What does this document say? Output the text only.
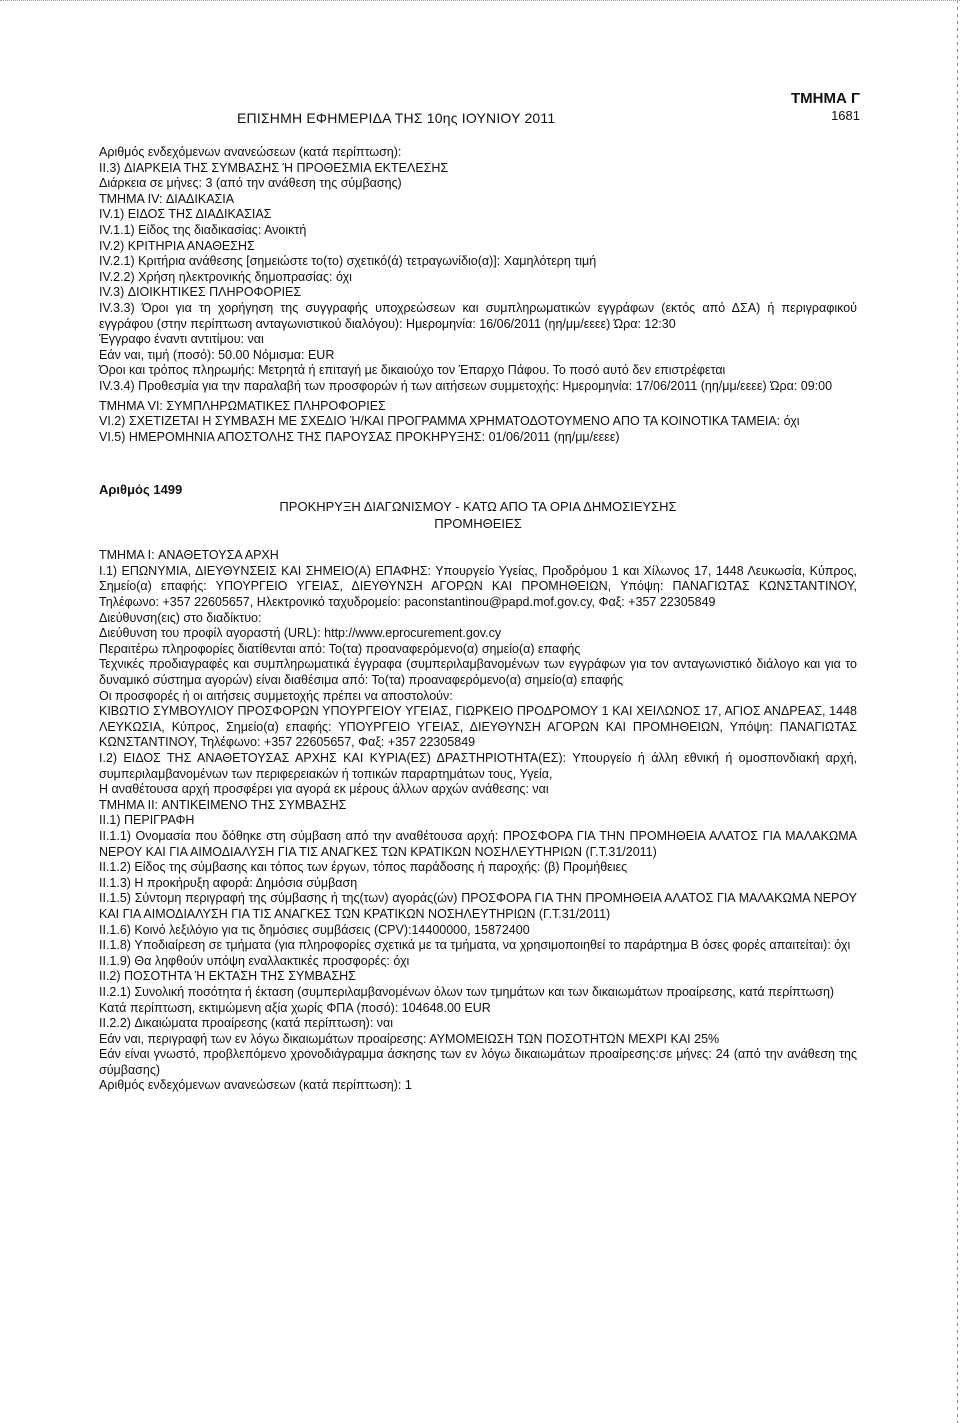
ΕΠΙΣΗΜΗ ΕΦΗΜΕΡΙΔΑ ΤΗΣ 10ης ΙΟΥΝΙΟΥ 2011
ΤΜΗΜΑ Γ
1681

Αριθμός ενδεχόμενων ανανεώσεων (κατά περίπτωση):

II.3) ΔΙΑΡΚΕΙΑ ΤΗΣ ΣΥΜΒΑΣΗΣ Ή ΠΡΟΘΕΣΜΙΑ ΕΚΤΕΛΕΣΗΣ

Διάρκεια σε μήνες: 3 (από την ανάθεση της σύμβασης)

ΤΜΗΜΑ IV: ΔΙΑΔΙΚΑΣΙΑ

IV.1) ΕΙΔΟΣ ΤΗΣ ΔΙΑΔΙΚΑΣΙΑΣ

IV.1.1) Είδος της διαδικασίας: Ανοικτή

IV.2) ΚΡΙΤΗΡΙΑ ΑΝΑΘΕΣΗΣ

IV.2.1) Κριτήρια ανάθεσης [σημειώστε το(το) σχετικό(ά) τετραγωνίδιο(α)]: Χαμηλότερη τιμή

IV.2.2) Χρήση ηλεκτρονικής δημοπρασίας: όχι

IV.3) ΔΙΟΙΚΗΤΙΚΕΣ ΠΛΗΡΟΦΟΡΙΕΣ

IV.3.3) Όροι για τη χορήγηση της συγγραφής υποχρεώσεων και συμπληρωματικών εγγράφων (εκτός από ΔΣΑ) ή περιγραφικού εγγράφου (στην περίπτωση ανταγωνιστικού διαλόγου): Ημερομηνία: 16/06/2011 (ηη/μμ/εεεε) Ώρα: 12:30

Έγγραφο έναντι αντιτίμου: ναι

Εάν ναι, τιμή (ποσό): 50.00 Νόμισμα: EUR

Όροι και τρόπος πληρωμής: Μετρητά ή επιταγή με δικαιούχο τον Έπαρχο Πάφου. Το ποσό αυτό δεν επιστρέφεται

IV.3.4) Προθεσμία για την παραλαβή των προσφορών ή των αιτήσεων συμμετοχής: Ημερομηνία: 17/06/2011 (ηη/μμ/εεεε) Ώρα: 09:00

ΤΜΗΜΑ VI: ΣΥΜΠΛΗΡΩΜΑΤΙΚΕΣ ΠΛΗΡΟΦΟΡΙΕΣ

VI.2) ΣΧΕΤΙΖΕΤΑΙ Η ΣΥΜΒΑΣΗ ΜΕ ΣΧΕΔΙΟ Ή/ΚΑΙ ΠΡΟΓΡΑΜΜΑ ΧΡΗΜΑΤΟΔΟΤΟΥΜΕΝΟ ΑΠΟ ΤΑ ΚΟΙΝΟΤΙΚΑ ΤΑΜΕΙΑ: όχι

VI.5) ΗΜΕΡΟΜΗΝΙΑ ΑΠΟΣΤΟΛΗΣ ΤΗΣ ΠΑΡΟΥΣΑΣ ΠΡΟΚΗΡΥΞΗΣ: 01/06/2011 (ηη/μμ/εεεε)

Αριθμός 1499
ΠΡΟΚΗΡΥΞΗ ΔΙΑΓΩΝΙΣΜΟΥ - ΚΑΤΩ ΑΠΟ ΤΑ ΟΡΙΑ ΔΗΜΟΣΙΕΥΣΗΣ
ΠΡΟΜΗΘΕΙΕΣ

ΤΜΗΜΑ I: ΑΝΑΘΕΤΟΥΣΑ ΑΡΧΗ

I.1) ΕΠΩΝΥΜΙΑ, ΔΙΕΥΘΥΝΣΕΙΣ ΚΑΙ ΣΗΜΕΙΟ(Α) ΕΠΑΦΗΣ: Υπουργείο Υγείας, Προδρόμου 1 και Χίλωνος 17, 1448 Λευκωσία, Κύπρος, Σημείο(α) επαφής: ΥΠΟΥΡΓΕΙΟ ΥΓΕΙΑΣ, ΔΙΕΥΘΥΝΣΗ ΑΓΟΡΩΝ ΚΑΙ ΠΡΟΜΗΘΕΙΩΝ, Υπόψη: ΠΑΝΑΓΙΩΤΑΣ ΚΩΝΣΤΑΝΤΙΝΟΥ, Τηλέφωνο: +357 22605657, Ηλεκτρονικό ταχυδρομείο: paconstantinou@papd.mof.gov.cy, Φαξ: +357 22305849

Διεύθυνση(εις) στο διαδίκτυο:

Διεύθυνση του προφίλ αγοραστή (URL): http://www.eprocurement.gov.cy

Περαιτέρω πληροφορίες διατίθενται από: Το(τα) προαναφερόμενο(α) σημείο(α) επαφής

Τεχνικές προδιαγραφές και συμπληρωματικά έγγραφα (συμπεριλαμβανομένων των εγγράφων για τον ανταγωνιστικό διάλογο και για το δυναμικό σύστημα αγορών) είναι διαθέσιμα από: Το(τα) προαναφερόμενο(α) σημείο(α) επαφής

Οι προσφορές ή οι αιτήσεις συμμετοχής πρέπει να αποστολούν:

ΚΙΒΩΤΙΟ ΣΥΜΒΟΥΛΙΟΥ ΠΡΟΣΦΟΡΩΝ ΥΠΟΥΡΓΕΙΟΥ ΥΓΕΙΑΣ, ΓΙΩΡΚΕΙΟ ΠΡΟΔΡΟΜΟΥ 1 ΚΑΙ ΧΕΙΛΩΝΟΣ 17, ΑΓΙΟΣ ΑΝΔΡΕΑΣ, 1448 ΛΕΥΚΩΣΙΑ, Κύπρος, Σημείο(α) επαφής: ΥΠΟΥΡΓΕΙΟ ΥΓΕΙΑΣ, ΔΙΕΥΘΥΝΣΗ ΑΓΟΡΩΝ ΚΑΙ ΠΡΟΜΗΘΕΙΩΝ, Υπόψη: ΠΑΝΑΓΙΩΤΑΣ ΚΩΝΣΤΑΝΤΙΝΟΥ, Τηλέφωνο: +357 22605657, Φαξ: +357 22305849

I.2) ΕΙΔΟΣ ΤΗΣ ΑΝΑΘΕΤΟΥΣΑΣ ΑΡΧΗΣ ΚΑΙ ΚΥΡΙΑ(ΕΣ) ΔΡΑΣΤΗΡΙΟΤΗΤΑ(ΕΣ): Υπουργείο ή άλλη εθνική ή ομοσπονδιακή αρχή, συμπεριλαμβανομένων των περιφερειακών ή τοπικών παραρτημάτων τους, Υγεία,

Η αναθέτουσα αρχή προσφέρει για αγορά εκ μέρους άλλων αρχών ανάθεσης: ναι

ΤΜΗΜΑ II: ΑΝΤΙΚΕΙΜΕΝΟ ΤΗΣ ΣΥΜΒΑΣΗΣ

II.1) ΠΕΡΙΓΡΑΦΗ

II.1.1) Ονομασία που δόθηκε στη σύμβαση από την αναθέτουσα αρχή: ΠΡΟΣΦΟΡΑ ΓΙΑ ΤΗΝ ΠΡΟΜΗΘΕΙΑ ΑΛΑΤΟΣ ΓΙΑ ΜΑΛΑΚΩΜΑ ΝΕΡΟΥ ΚΑΙ ΓΙΑ ΑΙΜΟΔΙΑΛΥΣΗ ΓΙΑ ΤΙΣ ΑΝΑΓΚΕΣ ΤΩΝ ΚΡΑΤΙΚΩΝ ΝΟΣΗΛΕΥΤΗΡΙΩΝ (Γ.Τ.31/2011)

II.1.2) Είδος της σύμβασης και τόπος των έργων, τόπος παράδοσης ή παροχής: (β) Προμήθειες

II.1.3) Η προκήρυξη αφορά: Δημόσια σύμβαση

II.1.5) Σύντομη περιγραφή της σύμβασης ή της(των) αγοράς(ών) ΠΡΟΣΦΟΡΑ ΓΙΑ ΤΗΝ ΠΡΟΜΗΘΕΙΑ ΑΛΑΤΟΣ ΓΙΑ ΜΑΛΑΚΩΜΑ ΝΕΡΟΥ ΚΑΙ ΓΙΑ ΑΙΜΟΔΙΑΛΥΣΗ ΓΙΑ ΤΙΣ ΑΝΑΓΚΕΣ ΤΩΝ ΚΡΑΤΙΚΩΝ ΝΟΣΗΛΕΥΤΗΡΙΩΝ (Γ.Τ.31/2011)

II.1.6) Κοινό λεξιλόγιο για τις δημόσιες συμβάσεις (CPV):14400000, 15872400

II.1.8) Υποδιαίρεση σε τμήματα (για πληροφορίες σχετικά με τα τμήματα, να χρησιμοποιηθεί το παράρτημα Β όσες φορές απαιτείται): όχι

II.1.9) Θα ληφθούν υπόψη εναλλακτικές προσφορές: όχι

II.2) ΠΟΣΟΤΗΤΑ Ή ΕΚΤΑΣΗ ΤΗΣ ΣΥΜΒΑΣΗΣ

II.2.1) Συνολική ποσότητα ή έκταση (συμπεριλαμβανομένων όλων των τμημάτων και των δικαιωμάτων προαίρεσης, κατά περίπτωση)

Κατά περίπτωση, εκτιμώμενη αξία χωρίς ΦΠΑ (ποσό): 104648.00 EUR

II.2.2) Δικαιώματα προαίρεσης (κατά περίπτωση): ναι

Εάν ναι, περιγραφή των εν λόγω δικαιωμάτων προαίρεσης: ΑΥΜΟΜΕΙΩΣΗ ΤΩΝ ΠΟΣΟΤΗΤΩΝ ΜΕΧΡΙ ΚΑΙ 25%

Εάν είναι γνωστό, προβλεπόμενο χρονοδιάγραμμα άσκησης των εν λόγω δικαιωμάτων προαίρεσης:σε μήνες: 24 (από την ανάθεση της σύμβασης)

Αριθμός ενδεχόμενων ανανεώσεων (κατά περίπτωση): 1
